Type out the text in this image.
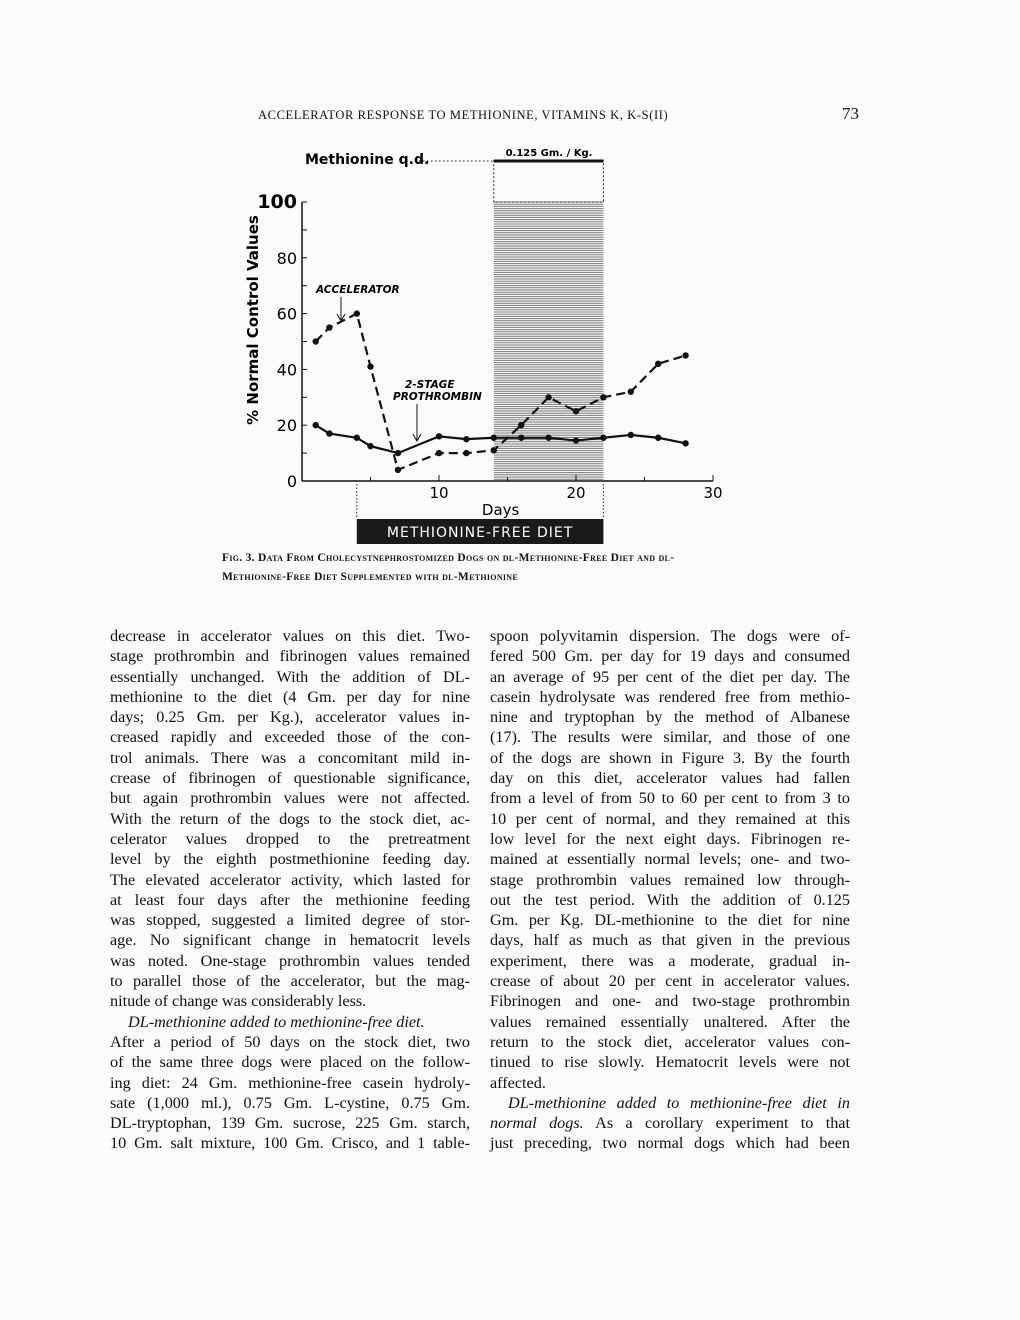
ACCELERATOR RESPONSE TO METHIONINE, VITAMINS K, K-S(II)	73
0
20
40
60
80
100
10	20	30
% Normal Control Values
Days
Methionine q.d.	0.125 Gm. / Kg.
ACCELERATOR
2-STAGE
PROTHROMBIN
METHIONINE-FREE DIET
Fig. 3. Data From Cholecystnephrostomized Dogs on dl-Methionine-Free Diet and dl-Methionine-Free Diet Supplemented with dl-Methionine
decrease in accelerator values on this diet. Two-
stage prothrombin and fibrinogen values remained
essentially unchanged. With the addition of DL-
methionine to the diet (4 Gm. per day for nine
days; 0.25 Gm. per Kg.), accelerator values in-
creased rapidly and exceeded those of the con-
trol animals. There was a concomitant mild in-
crease of fibrinogen of questionable significance,
but again prothrombin values were not affected.
With the return of the dogs to the stock diet, ac-
celerator values dropped to the pretreatment
level by the eighth postmethionine feeding day.
The elevated accelerator activity, which lasted for
at least four days after the methionine feeding
was stopped, suggested a limited degree of stor-
age. No significant change in hematocrit levels
was noted. One-stage prothrombin values tended
to parallel those of the accelerator, but the mag-
nitude of change was considerably less.
DL-methionine added to methionine-free diet.
After a period of 50 days on the stock diet, two
of the same three dogs were placed on the follow-
ing diet: 24 Gm. methionine-free casein hydroly-
sate (1,000 ml.), 0.75 Gm. L-cystine, 0.75 Gm.
DL-tryptophan, 139 Gm. sucrose, 225 Gm. starch,
10 Gm. salt mixture, 100 Gm. Crisco, and 1 table-
spoon polyvitamin dispersion. The dogs were of-
fered 500 Gm. per day for 19 days and consumed
an average of 95 per cent of the diet per day. The
casein hydrolysate was rendered free from methio-
nine and tryptophan by the method of Albanese
(17). The results were similar, and those of one
of the dogs are shown in Figure 3. By the fourth
day on this diet, accelerator values had fallen
from a level of from 50 to 60 per cent to from 3 to
10 per cent of normal, and they remained at this
low level for the next eight days. Fibrinogen re-
mained at essentially normal levels; one- and two-
stage prothrombin values remained low through-
out the test period. With the addition of 0.125
Gm. per Kg. DL-methionine to the diet for nine
days, half as much as that given in the previous
experiment, there was a moderate, gradual in-
crease of about 20 per cent in accelerator values.
Fibrinogen and one- and two-stage prothrombin
values remained essentially unaltered. After the
return to the stock diet, accelerator values con-
tinued to rise slowly. Hematocrit levels were not
affected.
DL-methionine added to methionine-free diet in
normal dogs. As a corollary experiment to that
just preceding, two normal dogs which had been
